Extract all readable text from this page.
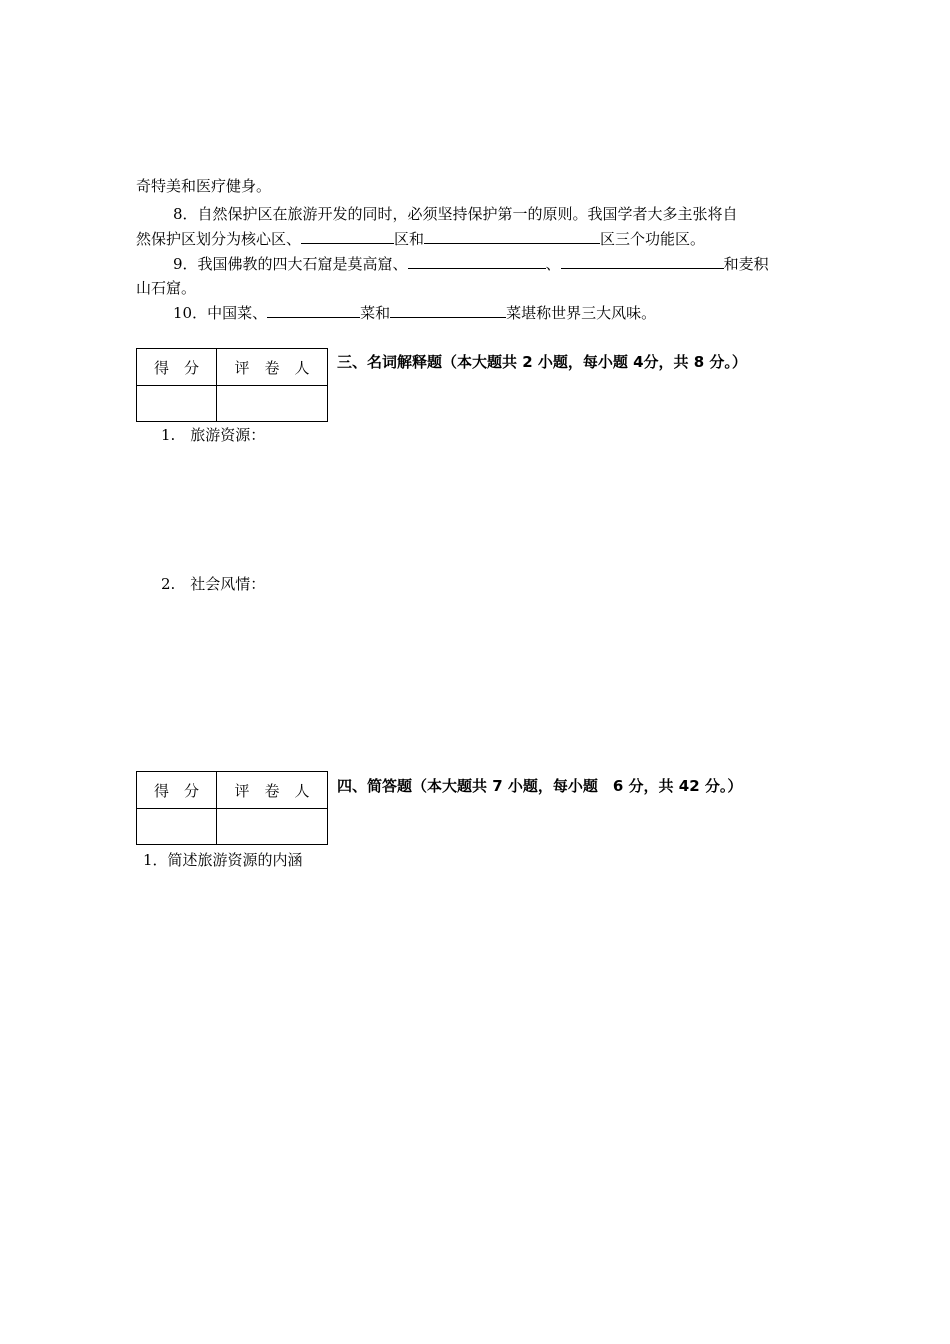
奇特美和医疗健身。
8．自然保护区在旅游开发的同时，必须坚持保护第一的原则。我国学者大多主张将自
然保护区划分为核心区、	区和	区三个功能区。
9．我国佛教的四大石窟是莫高窟、	、	和麦积
山石窟。
10．中国菜、	菜和	菜堪称世界三大风味。
得　分	评　卷　人
	三、名词解释题（本大题共 2 小题，每小题 4分，共 8 分。）
1.　旅游资源：
2.　社会风情：
得　分	评　卷　人
	四、简答题（本大题共 7 小题，每小题　6 分，共 42 分。）
1．简述旅游资源的内涵
